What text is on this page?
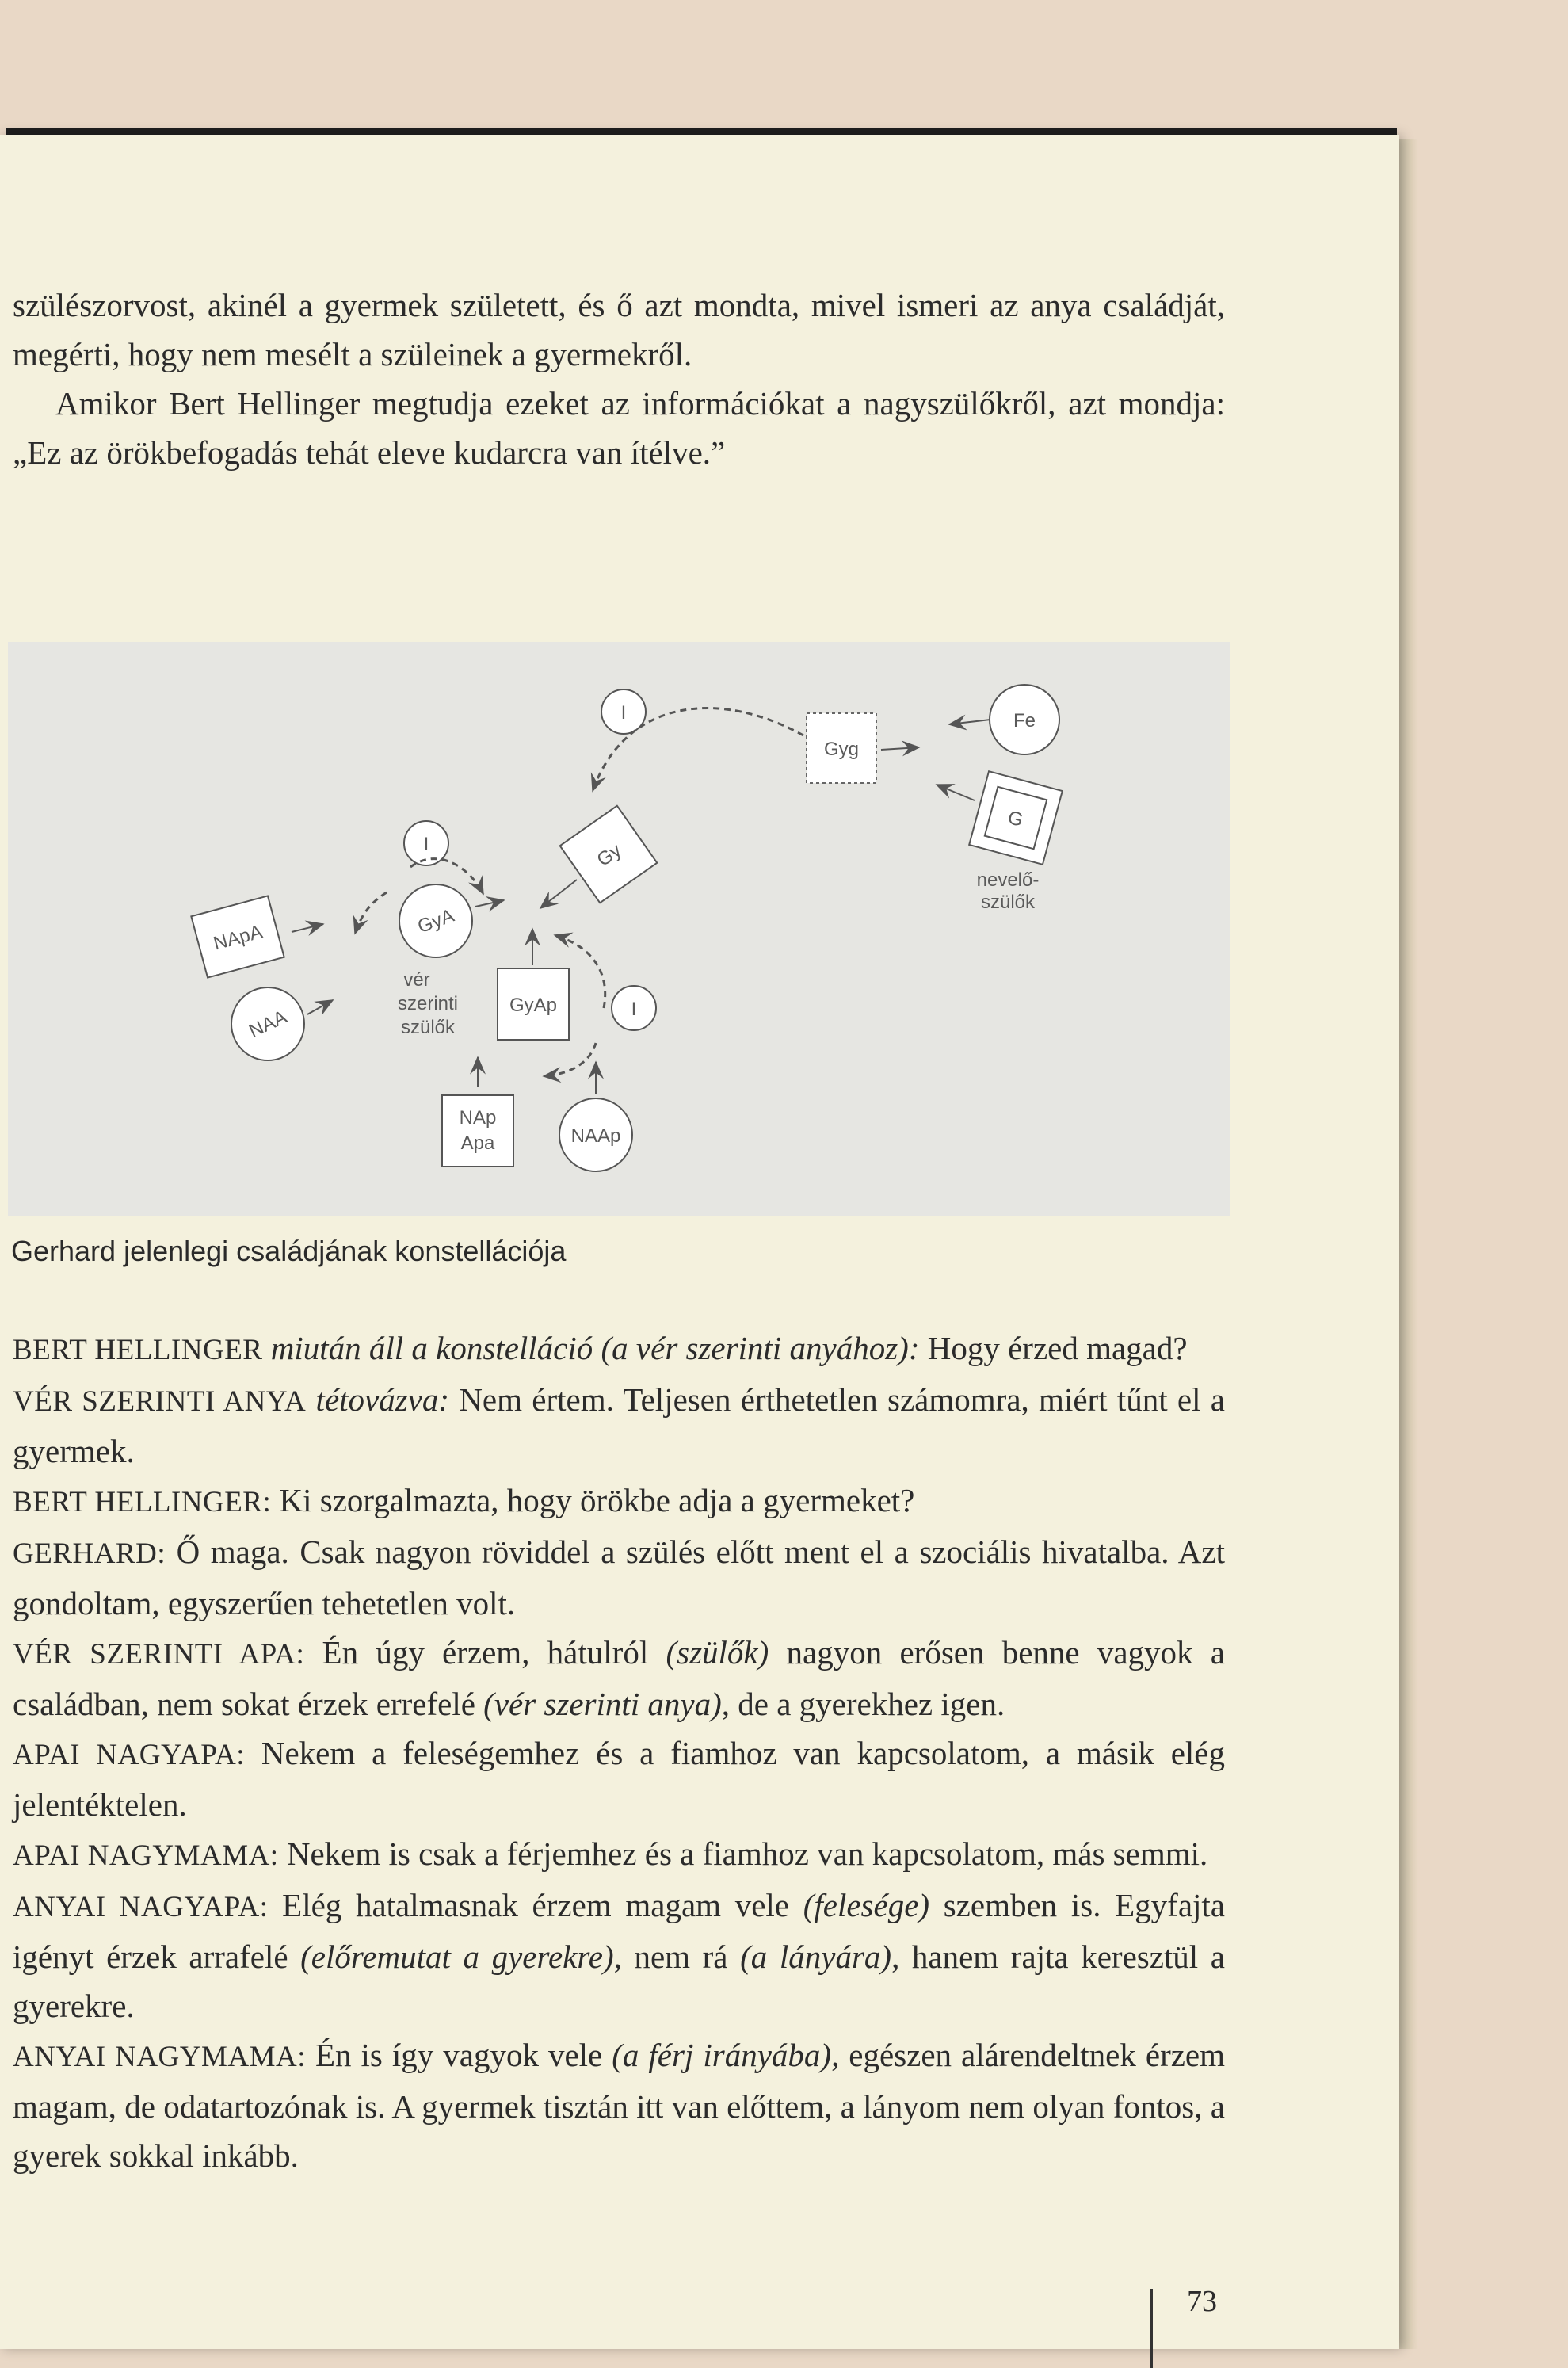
szülészorvost, akinél a gyermek született, és ő azt mondta, mivel ismeri az anya családját, megérti, hogy nem mesélt a szüleinek a gyermekről.

Amikor Bert Hellinger megtudja ezeket az információkat a nagyszülőkről, azt mondja: „Ez az örökbefogadás tehát eleve kudarcra van ítélve.”

I
Gyg
Fe
G
nevelő-
szülők
Gy
I
GyA
NApA
NAA
vér
szerinti
szülők
GyAp	I
NAp
Apa	NAAp
Gerhard jelenlegi családjának konstellációja

BERT HELLINGER miután áll a konstelláció (a vér szerinti anyához): Hogy érzed magad?

VÉR SZERINTI ANYA tétovázva: Nem értem. Teljesen érthetetlen számomra, miért tűnt el a gyermek.

BERT HELLINGER: Ki szorgalmazta, hogy örökbe adja a gyermeket?

GERHARD: Ő maga. Csak nagyon röviddel a szülés előtt ment el a szociális hivatalba. Azt gondoltam, egyszerűen tehetetlen volt.

VÉR SZERINTI APA: Én úgy érzem, hátulról (szülők) nagyon erősen benne vagyok a családban, nem sokat érzek errefelé (vér szerinti anya), de a gyerekhez igen.

APAI NAGYAPA: Nekem a feleségemhez és a fiamhoz van kapcsolatom, a másik elég jelentéktelen.

APAI NAGYMAMA: Nekem is csak a férjemhez és a fiamhoz van kapcsolatom, más semmi.

ANYAI NAGYAPA: Elég hatalmasnak érzem magam vele (felesége) szemben is. Egyfajta igényt érzek arrafelé (előremutat a gyerekre), nem rá (a lányára), hanem rajta keresztül a gyerekre.

ANYAI NAGYMAMA: Én is így vagyok vele (a férj irányába), egészen alárendeltnek érzem magam, de odatartozónak is. A gyermek tisztán itt van előttem, a lányom nem olyan fontos, a gyerek sokkal inkább.

73
